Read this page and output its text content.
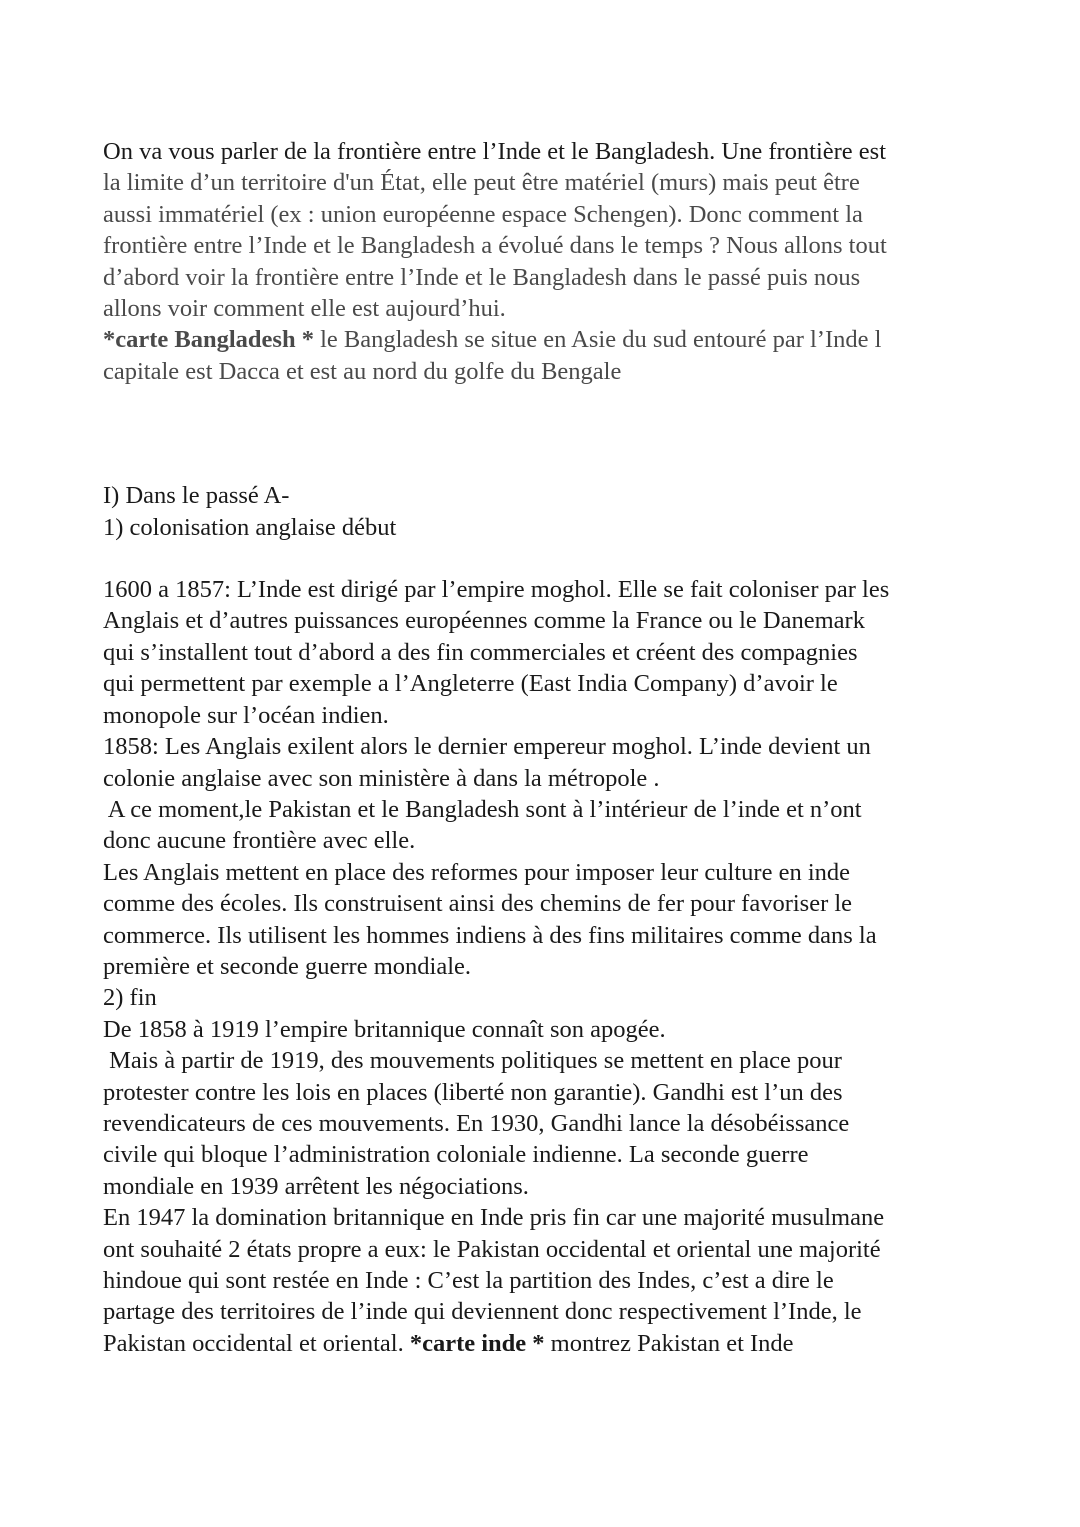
On va vous parler de la frontière entre l’Inde et le Bangladesh. Une frontière est
la limite d’un territoire d'un État, elle peut être matériel (murs) mais peut être
aussi immatériel (ex : union européenne espace Schengen). Donc comment la
frontière entre l’Inde et le Bangladesh a évolué dans le temps ? Nous allons tout
d’abord voir la frontière entre l’Inde et le Bangladesh dans le passé puis nous
allons voir comment elle est aujourd’hui.
*carte Bangladesh * le Bangladesh se situe en Asie du sud entouré par l’Inde l
capitale est Dacca et est au nord du golfe du Bengale
I) Dans le passé A-
1) colonisation anglaise début
1600 a 1857: L’Inde est dirigé par l’empire moghol. Elle se fait coloniser par les
Anglais et d’autres puissances européennes comme la France ou le Danemark
qui s’installent tout d’abord a des fin commerciales et créent des compagnies
qui permettent par exemple a l’Angleterre (East India Company) d’avoir le
monopole sur l’océan indien.
1858: Les Anglais exilent alors le dernier empereur moghol. L’inde devient un
colonie anglaise avec son ministère à dans la métropole .
A ce moment,le Pakistan et le Bangladesh sont à l’intérieur de l’inde et n’ont
donc aucune frontière avec elle.
Les Anglais mettent en place des reformes pour imposer leur culture en inde
comme des écoles. Ils construisent ainsi des chemins de fer pour favoriser le
commerce. Ils utilisent les hommes indiens à des fins militaires comme dans la
première et seconde guerre mondiale.
2) fin
De 1858 à 1919 l’empire britannique connaît son apogée.
Mais à partir de 1919, des mouvements politiques se mettent en place pour
protester contre les lois en places (liberté non garantie). Gandhi est l’un des
revendicateurs de ces mouvements. En 1930, Gandhi lance la désobéissance
civile qui bloque l’administration coloniale indienne. La seconde guerre
mondiale en 1939 arrêtent les négociations.
En 1947 la domination britannique en Inde pris fin car une majorité musulmane
ont souhaité 2 états propre a eux: le Pakistan occidental et oriental une majorité
hindoue qui sont restée en Inde : C’est la partition des Indes, c’est a dire le
partage des territoires de l’inde qui deviennent donc respectivement l’Inde, le
Pakistan occidental et oriental. *carte inde * montrez Pakistan et Inde
